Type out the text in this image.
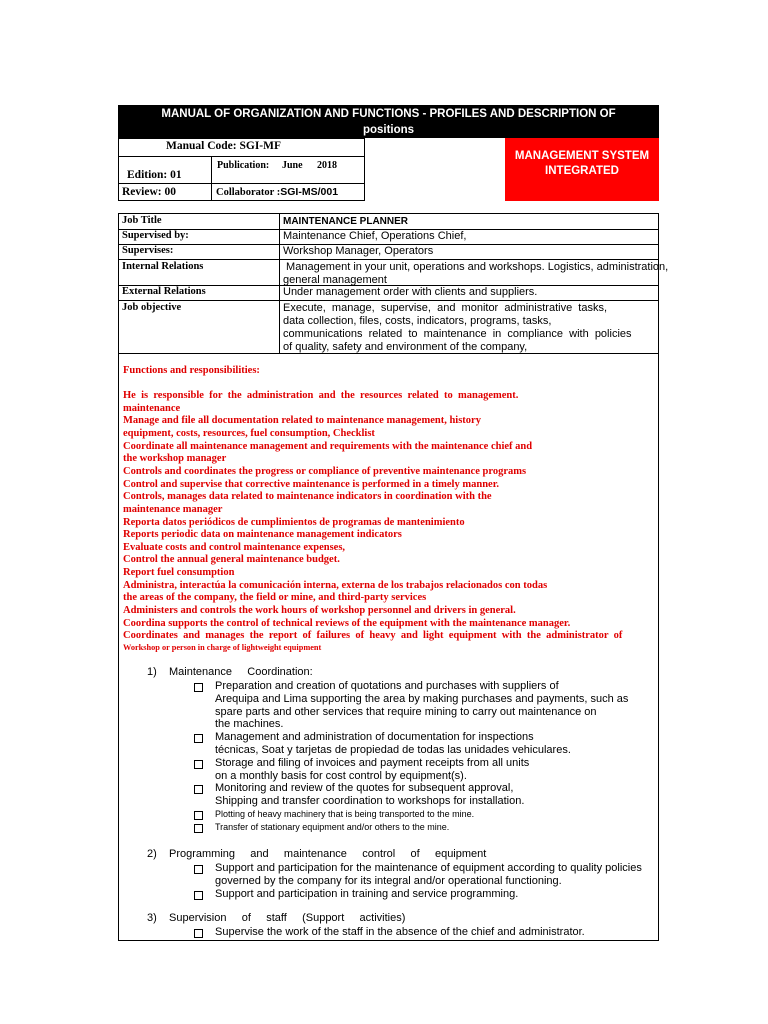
MANUAL OF ORGANIZATION AND FUNCTIONS - PROFILES AND DESCRIPTION OF
positions
Manual Code: SGI-MF
Edition: 01
Review: 00
Publication: June 2018
Collaborator :SGI-MS/001
MANAGEMENT SYSTEM
INTEGRATED
Job Title	MAINTENANCE PLANNER
Supervised by:	Maintenance Chief, Operations Chief,
Supervises:	Workshop Manager, Operators
Internal Relations	Management in your unit, operations and workshops. Logistics, administration,
general management
External Relations	Under management order with clients and suppliers.
Job objective	Execute,  manage,  supervise,  and  monitor  administrative  tasks,
data collection, files, costs, indicators, programs, tasks,
communications  related  to  maintenance  in  compliance  with  policies
of quality, safety and environment of the company,
Functions and responsibilities:
He  is  responsible  for  the  administration  and  the  resources  related  to  management.
maintenance
Manage and file all documentation related to maintenance management, history
equipment, costs, resources, fuel consumption, Checklist
Coordinate all maintenance management and requirements with the maintenance chief and
the workshop manager
Controls and coordinates the progress or compliance of preventive maintenance programs
Control and supervise that corrective maintenance is performed in a timely manner.
Controls, manages data related to maintenance indicators in coordination with the
maintenance manager
Reporta datos periódicos de cumplimientos de programas de mantenimiento
Reports periodic data on maintenance management indicators
Evaluate costs and control maintenance expenses,
Control the annual general maintenance budget.
Report fuel consumption
Administra, interactúa la comunicación interna, externa de los trabajos relacionados con todas
the areas of the company, the field or mine, and third-party services
Administers and controls the work hours of workshop personnel and drivers in general.
Coordina supports the control of technical reviews of the equipment with the maintenance manager.
Coordinates  and  manages  the  report  of  failures  of  heavy  and  light  equipment  with  the  administrator  of
Workshop or person in charge of lightweight equipment
1) Maintenance     Coordination:
Preparation and creation of quotations and purchases with suppliers of
Arequipa and Lima supporting the area by making purchases and payments, such as
spare parts and other services that require mining to carry out maintenance on
the machines.
Management and administration of documentation for inspections
técnicas, Soat y tarjetas de propiedad de todas las unidades vehiculares.
Storage and filing of invoices and payment receipts from all units
on a monthly basis for cost control by equipment(s).
Monitoring and review of the quotes for subsequent approval,
Shipping and transfer coordination to workshops for installation.
Plotting of heavy machinery that is being transported to the mine.
Transfer of stationary equipment and/or others to the mine.
2) Programming     and     maintenance     control     of     equipment
Support and participation for the maintenance of equipment according to quality policies
governed by the company for its integral and/or operational functioning.
Support and participation in training and service programming.
3) Supervision     of     staff     (Support     activities)
Supervise the work of the staff in the absence of the chief and administrator.
